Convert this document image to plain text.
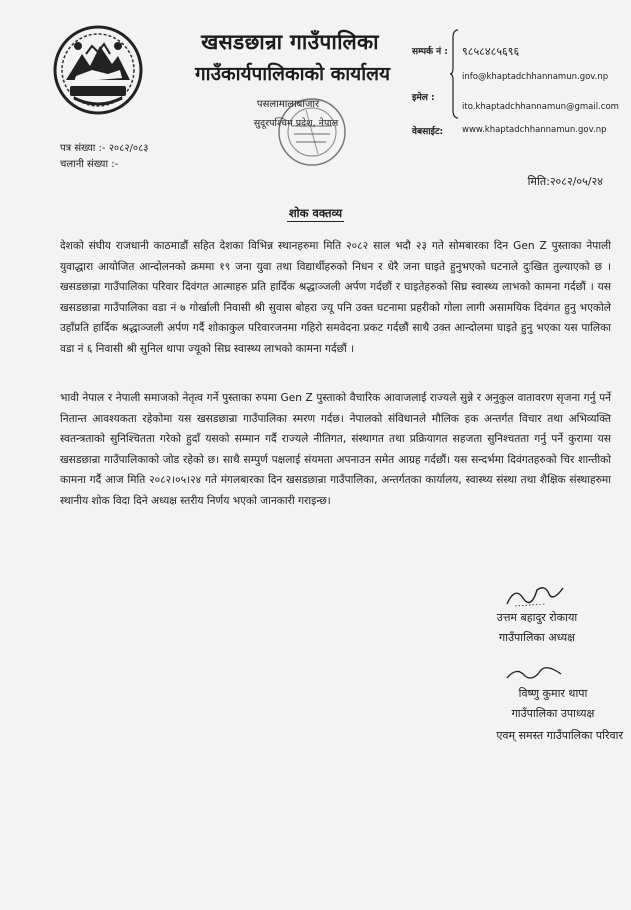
खसडछान्रा गाउँपालिका
गाउँकार्यपालिकाको कार्यालय
पसलामालाबाजार
सुदूरपश्चिम प्रदेश, नेपाल
सम्पर्क नं : ९८५८४८५६९६
इमेल :
info@khaptadchhannamun.gov.np
ito.khaptadchhannamun@gmail.com
वेबसाईट: www.khaptadchhannamun.gov.np
पत्र संख्या :- २०८२/०८३
चलानी संख्या :-
मिति:२०८२/०५/२४
शोक वक्तव्य
देशको संघीय राजधानी काठमाडौं सहित देशका विभिन्न स्थानहरुमा मिति २०८२ साल भदौ २३ गते सोमबारका दिन Gen Z पुस्ताका नेपाली युवाद्धारा आयोजित आन्दोलनको क्रममा १९ जना युवा तथा विद्यार्थीहरुको निधन र धेरै जना घाइते हुनुभएको घटनाले दुःखित तुल्याएको छ । खसडछान्रा गाउँपालिका परिवार दिवंगत आत्माहरु प्रति हार्दिक श्रद्धाञ्जली अर्पण गर्दछौं र घाइतेहरुको सिघ्र स्वास्थ्य लाभको कामना गर्दछौं । यस खसडछान्रा गाउँपालिका वडा नं ७ गोर्खाली निवासी श्री सुवास बोहरा ज्यू पनि उक्त घटनामा प्रहरीको गोला लागी असामयिक दिवंगत हुनु भएकोले उहाँप्रति हार्दिक श्रद्धाञ्जली अर्पण गर्दै शोकाकुल परिवारजनमा गहिरो समवेदना प्रकट गर्दछौं साथै उक्त आन्दोलमा घाइते हुनु भएका यस पालिका वडा नं ६ निवासी श्री सुनिल थापा ज्यूको सिघ्र स्वास्थ्य लाभको कामना गर्दछौं ।
भावी नेपाल र नेपाली समाजको नेतृत्व गर्ने पुस्ताका रुपमा Gen Z पुस्ताको वैचारिक आवाजलाई राज्यले सुन्ने र अनुकुल वातावरण सृजना गर्नु पर्ने नितान्त आवश्यकता रहेकोमा यस खसडछान्रा गाउँपालिका स्मरण गर्दछ। नेपालको संविधानले मौलिक हक अन्तर्गत विचार तथा अभिव्यक्ति स्वतन्त्रताको सुनिश्चितता गरेको हुदाँ यसको सम्मान गर्दै राज्यले नीतिगत, संस्थागत तथा प्रक्रियागत सहजता सुनिश्चतता गर्नु पर्ने कुरामा यस खसडछान्रा गाउँपालिकाको जोड रहेको छ। साथै सम्पुर्ण पक्षलाई संयमता अपनाउन समेत आग्रह गर्दछौं। यस सन्दर्भमा दिवंगतहरुको चिर शान्तीको कामना गर्दै आज मिति २०८२।०५।२४ गते मंगलबारका दिन खसडछान्रा गाउँपालिका, अन्तर्गतका कार्यालय, स्वास्थ्य संस्था तथा शैक्षिक संस्थाहरुमा स्थानीय शोक विदा दिने अध्यक्ष स्तरीय निर्णय भएको जानकारी गराइन्छ।
उत्तम बहादुर रोकाया
गाउँपालिका अध्यक्ष
विष्णु कुमार थापा
गाउँपालिका उपाध्यक्ष
एवम् समस्त गाउँपालिका परिवार
